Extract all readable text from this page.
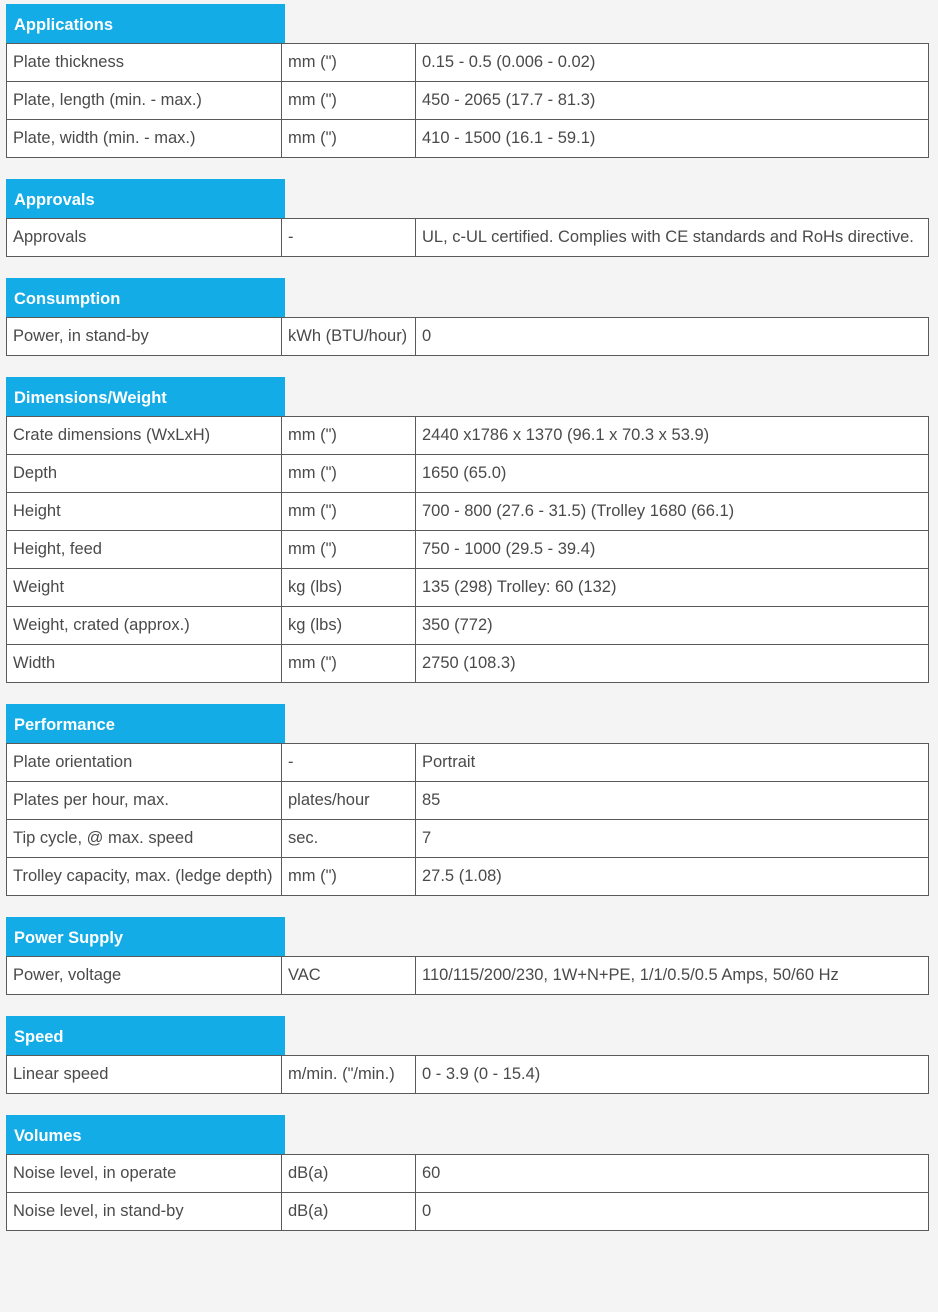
Applications
Plate thickness	mm (")	0.15 - 0.5 (0.006 - 0.02)
Plate, length (min. - max.)	mm (")	450 - 2065 (17.7 - 81.3)
Plate, width (min. - max.)	mm (")	410 - 1500 (16.1 - 59.1)
Approvals
Approvals	-	UL, c-UL certified. Complies with CE standards and RoHs directive.
Consumption
Power, in stand-by	kWh (BTU/hour)	0
Dimensions/Weight
Crate dimensions (WxLxH)	mm (")	2440 x1786 x 1370 (96.1 x 70.3 x 53.9)
Depth	mm (")	1650 (65.0)
Height	mm (")	700 - 800 (27.6 - 31.5) (Trolley 1680 (66.1)
Height, feed	mm (")	750 - 1000 (29.5 - 39.4)
Weight	kg (lbs)	135 (298) Trolley: 60 (132)
Weight, crated (approx.)	kg (lbs)	350 (772)
Width	mm (")	2750 (108.3)
Performance
Plate orientation	-	Portrait
Plates per hour, max.	plates/hour	85
Tip cycle, @ max. speed	sec.	7
Trolley capacity, max. (ledge depth)	mm (")	27.5 (1.08)
Power Supply
Power, voltage	VAC	110/115/200/230, 1W+N+PE, 1/1/0.5/0.5 Amps, 50/60 Hz
Speed
Linear speed	m/min. ("/min.)	0 - 3.9 (0 - 15.4)
Volumes
Noise level, in operate	dB(a)	60
Noise level, in stand-by	dB(a)	0
